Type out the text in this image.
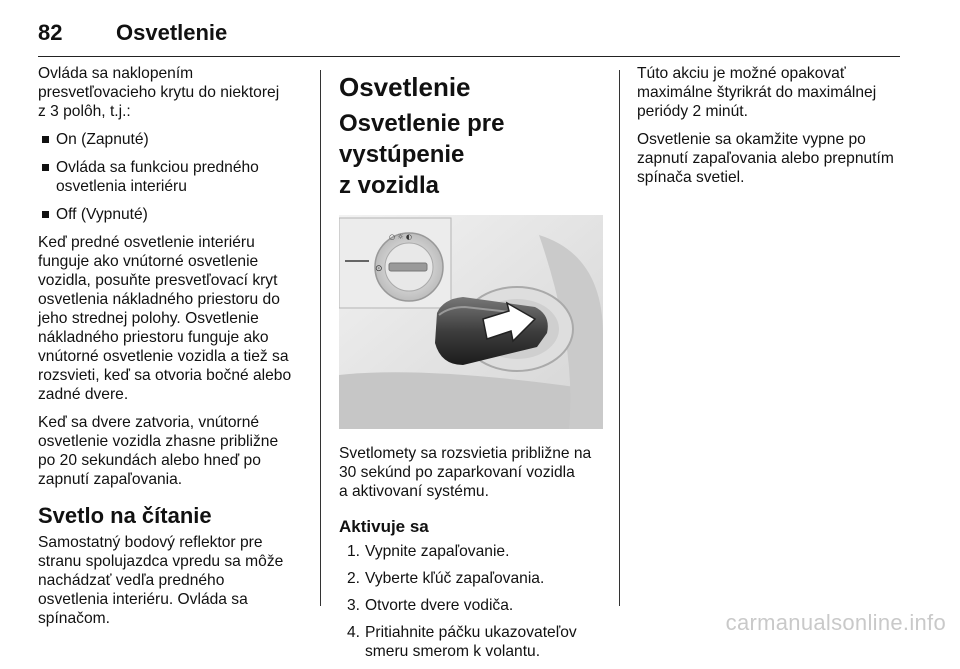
82 Osvetlenie

Ovláda sa naklopením
presvetľovacieho krytu do niektorej
z 3 polôh, t.j.:

On (Zapnuté)
Ovláda sa funkciou predného
osvetlenia interiéru
Off (Vypnuté)

Keď predné osvetlenie interiéru
funguje ako vnútorné osvetlenie
vozidla, posuňte presvetľovací kryt
osvetlenia nákladného priestoru do
jeho strednej polohy. Osvetlenie
nákladného priestoru funguje ako
vnútorné osvetlenie vozidla a tiež sa
rozsvieti, keď sa otvoria bočné alebo
zadné dvere.

Keď sa dvere zatvoria, vnútorné
osvetlenie vozidla zhasne približne
po 20 sekundách alebo hneď po
zapnutí zapaľovania.

Svetlo na čítanie

Samostatný bodový reflektor pre
stranu spolujazdca vpredu sa môže
nachádzať vedľa predného
osvetlenia interiéru. Ovláda sa
spínačom.

Osvetlenie
Osvetlenie pre vystúpenie
z vozidla
⊙
○ ☼ ◐

Svetlomety sa rozsvietia približne na
30 sekúnd po zaparkovaní vozidla
a aktivovaní systému.

Aktivuje sa
1. Vypnite zapaľovanie.
2. Vyberte kľúč zapaľovania.
3. Otvorte dvere vodiča.
4. Pritiahnite páčku ukazovateľov
smeru smerom k volantu.

Túto akciu je možné opakovať
maximálne štyrikrát do maximálnej
periódy 2 minút.

Osvetlenie sa okamžite vypne po
zapnutí zapaľovania alebo prepnutím
spínača svetiel.

carmanualsonline.info
